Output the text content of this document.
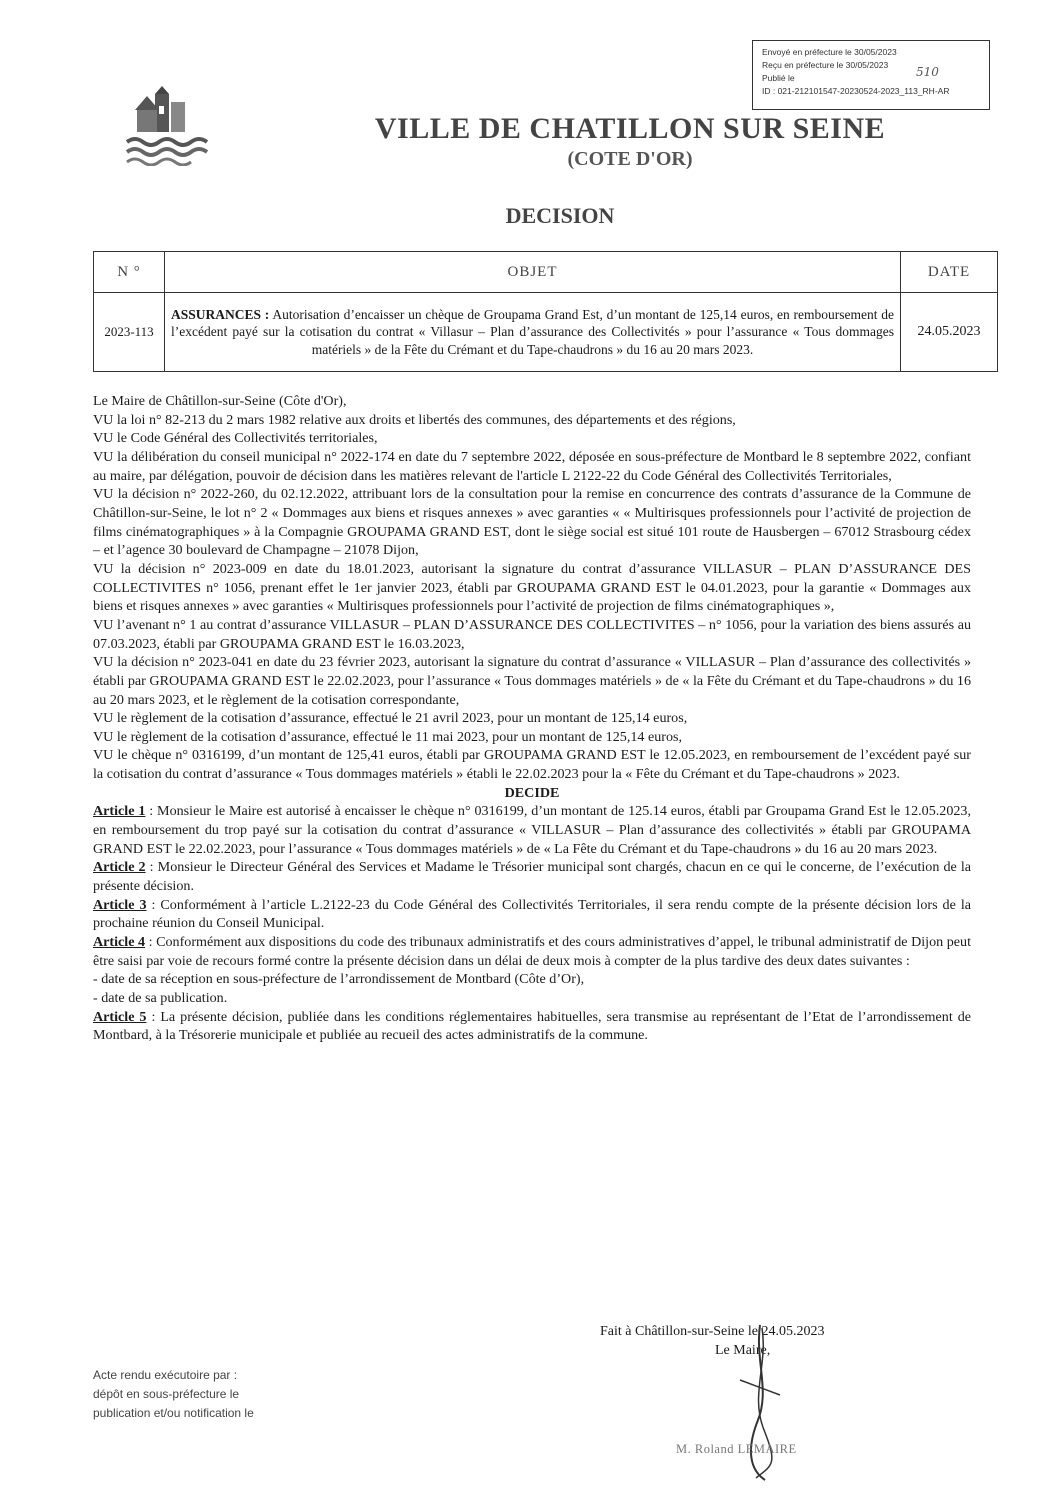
Envoyé en préfecture le 30/05/2023
Reçu en préfecture le 30/05/2023
Publié le
ID : 021-212101547-20230524-2023_113_RH-AR
510
VILLE DE CHATILLON SUR SEINE
(COTE D'OR)
DECISION
N °	OBJET	DATE
2023-113	ASSURANCES : Autorisation d’encaisser un chèque de Groupama Grand Est, d’un montant de 125,14 euros, en remboursement de l’excédent payé sur la cotisation du contrat « Villasur – Plan d’assurance des Collectivités » pour l’assurance « Tous dommages matériels » de la Fête du Crémant et du Tape-chaudrons » du 16 au 20 mars 2023.	24.05.2023

Le Maire de Châtillon-sur-Seine (Côte d'Or),

VU la loi n° 82-213 du 2 mars 1982 relative aux droits et libertés des communes, des départements et des régions,

VU le Code Général des Collectivités territoriales,

VU la délibération du conseil municipal n° 2022-174 en date du 7 septembre 2022, déposée en sous-préfecture de Montbard le 8 septembre 2022, confiant au maire, par délégation, pouvoir de décision dans les matières relevant de l'article L 2122-22 du Code Général des Collectivités Territoriales,

VU la décision n° 2022-260, du 02.12.2022, attribuant lors de la consultation pour la remise en concurrence des contrats d’assurance de la Commune de Châtillon-sur-Seine, le lot n° 2 « Dommages aux biens et risques annexes » avec garanties « « Multirisques professionnels pour l’activité de projection de films cinématographiques » à la Compagnie GROUPAMA GRAND EST, dont le siège social est situé 101 route de Hausbergen – 67012 Strasbourg cédex – et l’agence 30 boulevard de Champagne – 21078 Dijon,

VU la décision n° 2023-009 en date du 18.01.2023, autorisant la signature du contrat d’assurance VILLASUR – PLAN D’ASSURANCE DES COLLECTIVITES n° 1056, prenant effet le 1er janvier 2023, établi par GROUPAMA GRAND EST le 04.01.2023, pour la garantie « Dommages aux biens et risques annexes » avec garanties « Multirisques professionnels pour l’activité de projection de films cinématographiques »,

VU l’avenant n° 1 au contrat d’assurance VILLASUR – PLAN D’ASSURANCE DES COLLECTIVITES – n° 1056, pour la variation des biens assurés au 07.03.2023, établi par GROUPAMA GRAND EST le 16.03.2023,

VU la décision n° 2023-041 en date du 23 février 2023, autorisant la signature du contrat d’assurance « VILLASUR – Plan d’assurance des collectivités » établi par GROUPAMA GRAND EST le 22.02.2023, pour l’assurance « Tous dommages matériels » de « la Fête du Crémant et du Tape-chaudrons » du 16 au 20 mars 2023, et le règlement de la cotisation correspondante,

VU le règlement de la cotisation d’assurance, effectué le 21 avril 2023, pour un montant de 125,14 euros,

VU le règlement de la cotisation d’assurance, effectué le 11 mai 2023, pour un montant de 125,14 euros,

VU le chèque n° 0316199, d’un montant de 125,41 euros, établi par GROUPAMA GRAND EST le 12.05.2023, en remboursement de l’excédent payé sur la cotisation du contrat d’assurance « Tous dommages matériels » établi le 22.02.2023 pour la « Fête du Crémant et du Tape-chaudrons » 2023.

DECIDE

Article 1 : Monsieur le Maire est autorisé à encaisser le chèque n° 0316199, d’un montant de 125.14 euros, établi par Groupama Grand Est le 12.05.2023, en remboursement du trop payé sur la cotisation du contrat d’assurance « VILLASUR – Plan d’assurance des collectivités » établi par GROUPAMA GRAND EST le 22.02.2023, pour l’assurance « Tous dommages matériels » de « La Fête du Crémant et du Tape-chaudrons » du 16 au 20 mars 2023.

Article 2 : Monsieur le Directeur Général des Services et Madame le Trésorier municipal sont chargés, chacun en ce qui le concerne, de l’exécution de la présente décision.

Article 3 : Conformément à l’article L.2122-23 du Code Général des Collectivités Territoriales, il sera rendu compte de la présente décision lors de la prochaine réunion du Conseil Municipal.

Article 4 : Conformément aux dispositions du code des tribunaux administratifs et des cours administratives d’appel, le tribunal administratif de Dijon peut être saisi par voie de recours formé contre la présente décision dans un délai de deux mois à compter de la plus tardive des deux dates suivantes :

- date de sa réception en sous-préfecture de l’arrondissement de Montbard (Côte d’Or),

- date de sa publication.

Article 5 : La présente décision, publiée dans les conditions réglementaires habituelles, sera transmise au représentant de l’Etat de l’arrondissement de Montbard, à la Trésorerie municipale et publiée au recueil des actes administratifs de la commune.

Fait à Châtillon-sur-Seine le 24.05.2023
Le Maire,
M. Roland LEMAIRE
Acte rendu exécutoire par :
dépôt en sous-préfecture le
publication et/ou notification le
